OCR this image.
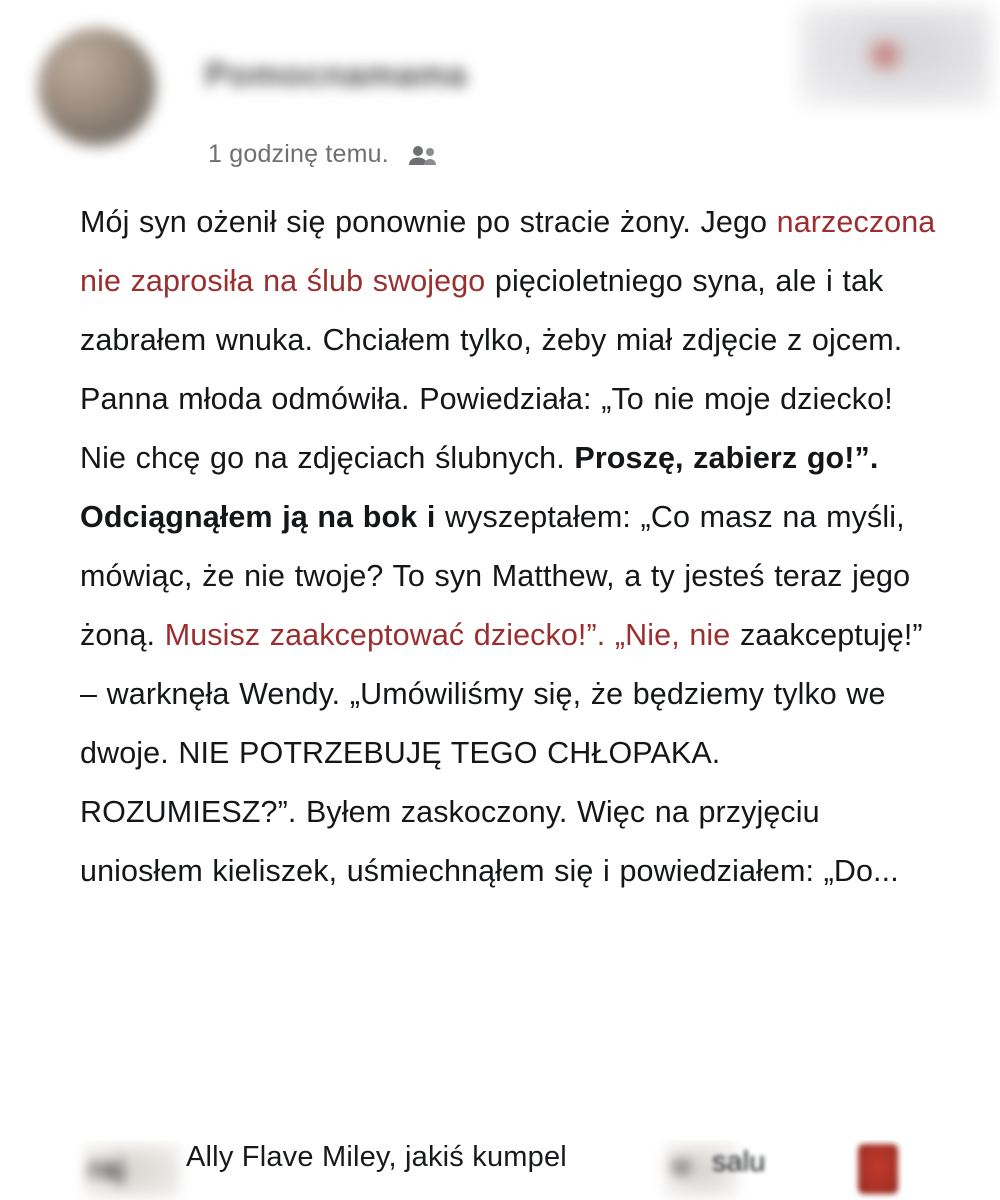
Pomocnamama
1 godzinę temu.
Mój syn ożenił się ponownie po stracie żony. Jego narzeczona nie zaprosiła na ślub swojego pięcioletniego syna, ale i tak zabrałem wnuka. Chciałem tylko, żeby miał zdjęcie z ojcem. Panna młoda odmówiła. Powiedziała: „To nie moje dziecko! Nie chcę go na zdjęciach ślubnych. Proszę, zabierz go!”. Odciągnąłem ją na bok i wyszeptałem: „Co masz na myśli, mówiąc, że nie twoje? To syn Matthew, a ty jesteś teraz jego żoną. Musisz zaakceptować dziecko!”. „Nie, nie zaakceptuję!” – warknęła Wendy. „Umówiliśmy się, że będziemy tylko we dwoje. NIE POTRZEBUJĘ TEGO CHŁOPAKA. ROZUMIESZ?”. Byłem zaskoczony. Więc na przyjęciu uniosłem kieliszek, uśmiechnąłem się i powiedziałem: „Do...
raj Ally Flave Miley, jakiś kumpel	u salu
